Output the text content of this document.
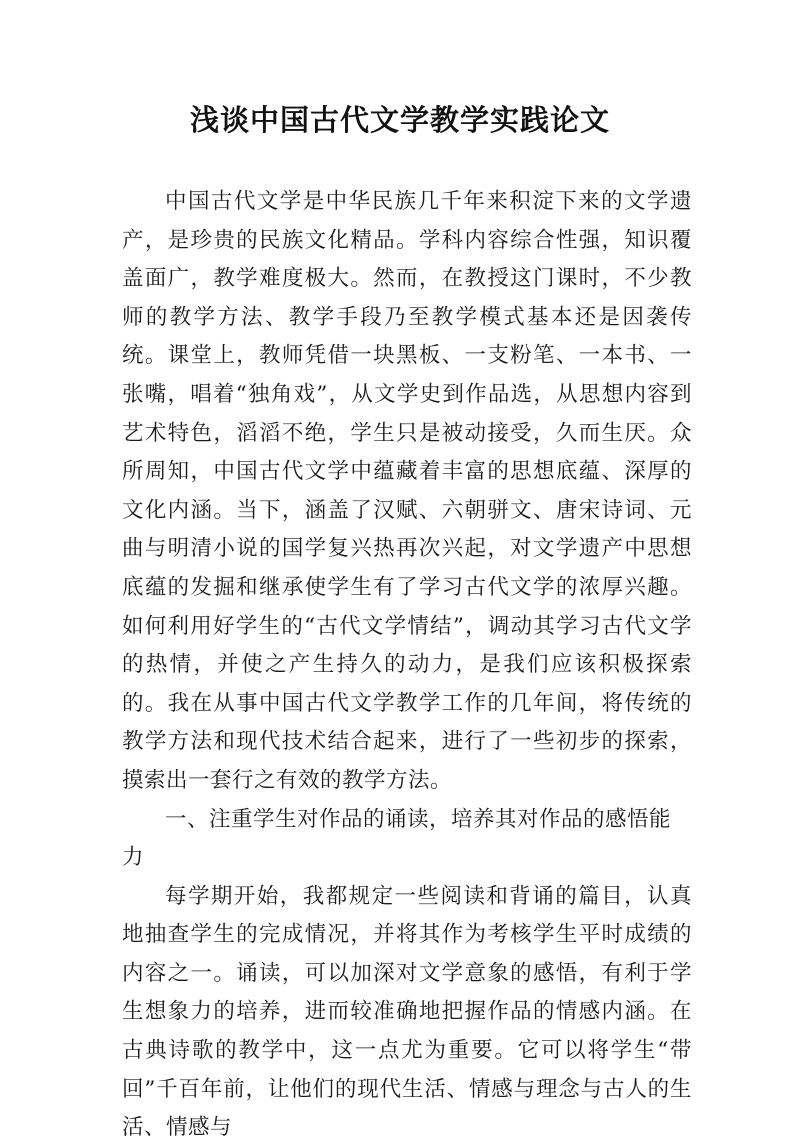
浅谈中国古代文学教学实践论文

中国古代文学是中华民族几千年来积淀下来的文学遗产，是珍贵的民族文化精品。学科内容综合性强，知识覆盖面广，教学难度极大。然而，在教授这门课时，不少教师的教学方法、教学手段乃至教学模式基本还是因袭传统。课堂上，教师凭借一块黑板、一支粉笔、一本书、一张嘴，唱着“独角戏”，从文学史到作品选，从思想内容到艺术特色，滔滔不绝，学生只是被动接受，久而生厌。众所周知，中国古代文学中蕴藏着丰富的思想底蕴、深厚的文化内涵。当下，涵盖了汉赋、六朝骈文、唐宋诗词、元曲与明清小说的国学复兴热再次兴起，对文学遗产中思想底蕴的发掘和继承使学生有了学习古代文学的浓厚兴趣。如何利用好学生的“古代文学情结”，调动其学习古代文学的热情，并使之产生持久的动力，是我们应该积极探索的。我在从事中国古代文学教学工作的几年间，将传统的教学方法和现代技术结合起来，进行了一些初步的探索，摸索出一套行之有效的教学方法。

一、注重学生对作品的诵读，培养其对作品的感悟能力

每学期开始，我都规定一些阅读和背诵的篇目，认真地抽查学生的完成情况，并将其作为考核学生平时成绩的内容之一。诵读，可以加深对文学意象的感悟，有利于学生想象力的培养，进而较准确地把握作品的情感内涵。在古典诗歌的教学中，这一点尤为重要。它可以将学生“带回”千百年前，让他们的现代生活、情感与理念与古人的生活、情感与
